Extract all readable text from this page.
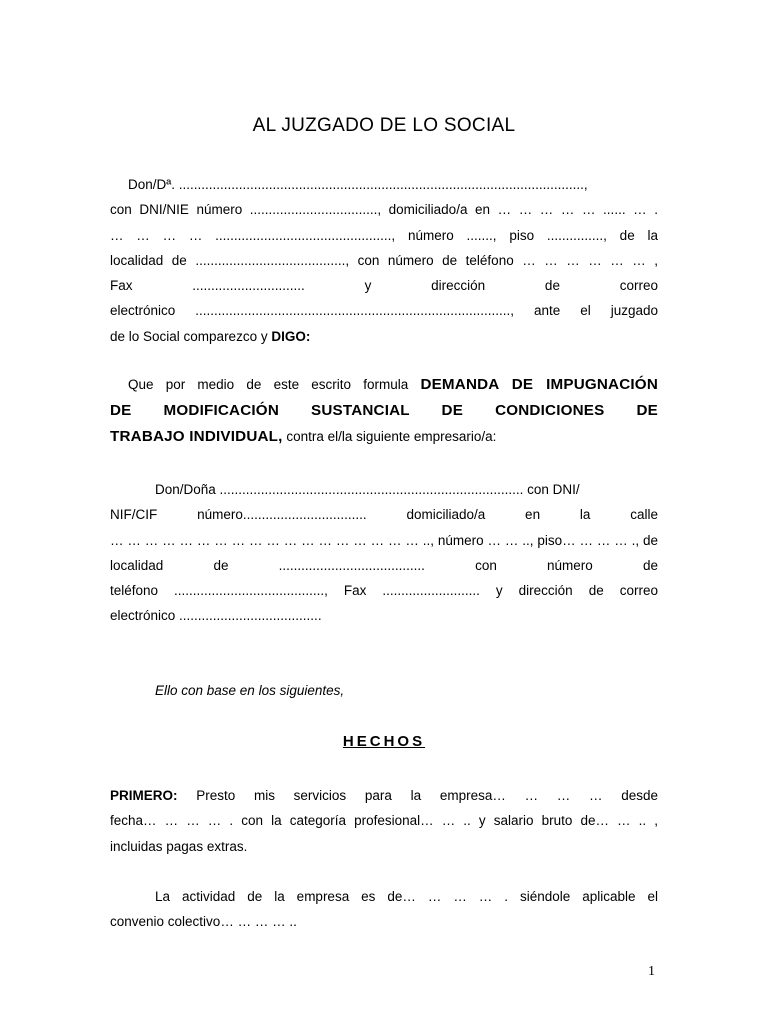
AL JUZGADO DE LO SOCIAL
Don/Dª. ............................................................................................................,
con DNI/NIE número .................................., domiciliado/a en … … … … … ...... … .
… … … … ..............................................., número ......., piso ..............., de la
localidad de ........................................, con número de teléfono … … … … … … ,
Fax .............................. y dirección de correo
electrónico ...................................................................................., ante el juzgado
de lo Social comparezco y DIGO:
Que por medio de este escrito formula DEMANDA DE IMPUGNACIÓN
DE MODIFICACIÓN SUSTANCIAL DE CONDICIONES DE
TRABAJO INDIVIDUAL, contra el/la siguiente empresario/a:
Don/Doña ................................................................................. con DNI/
NIF/CIF número................................. domiciliado/a en la calle
… … … … … … … … … … … … … … … … … … .., número … … .., piso… … … … ., de
localidad de ....................................... con número de
teléfono ........................................, Fax .......................... y dirección de correo
electrónico ......................................
Ello con base en los siguientes,
HECHOS
PRIMERO: Presto mis servicios para la empresa… … … … desde
fecha… … … … . con la categoría profesional… … .. y salario bruto de… … .. ,
incluidas pagas extras.
La actividad de la empresa es de… … … … . siéndole aplicable el
convenio colectivo… … … … ..
1
